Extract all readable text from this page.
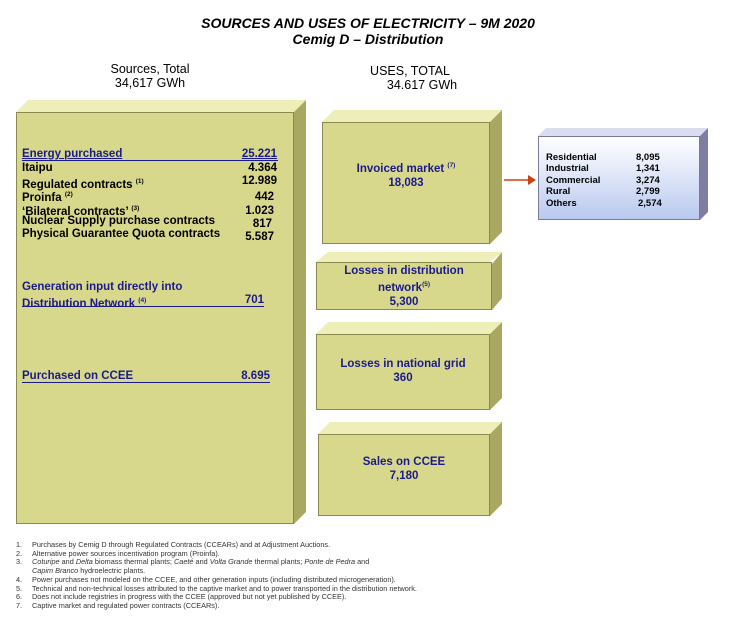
SOURCES AND USES OF ELECTRICITY – 9M 2020
Cemig D – Distribution
Sources, Total
34,617 GWh
USES, TOTAL
34.617 GWh
Energy purchased	25.221
Itaipu	4.364
Regulated contracts $^{(1)}$	12.989
Proinfa $^{(2)}$	442
‘Bilateral contracts’ $^{(3)}$	1.023
Nuclear Supply purchase contracts	817
Physical Guarantee Quota contracts	5.587
Generation input directly into
Distribution Network $^{(4)}$	701
Purchased on CCEE	8.695
Invoiced market $^{(7)}$
18,083
Residential	8,095
Industrial	1,341
Commercial	3,274
Rural	2,799
Others	2,574
Losses in distribution
network$^{(5)}$
5,300
Losses in national grid
360
Sales on CCEE
7,180
1. Purchases by Cemig D through Regulated Contracts (CCEARs) and at Adjustment Auctions.
2. Alternative power sources incentivation program (Proinfa).
3. Coturipe and Delta biomass thermal plants; Caeté and Volta Grande thermal plants; Ponte de Pedra and
Capim Branco hydroelectric plants.
4. Power purchases not modeled on the CCEE, and other generation inputs (including distributed microgeneration).
5. Technical and non-technical losses attributed to the captive market and to power transported in the distribution network.
6. Does not include registries in progress with the CCEE (approved but not yet published by CCEE).
7. Captive market and regulated power contracts (CCEARs).
